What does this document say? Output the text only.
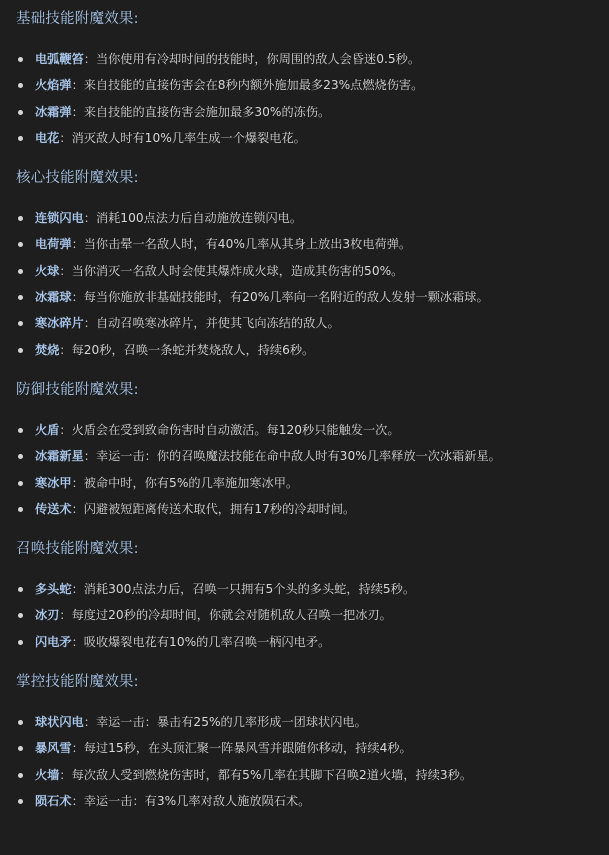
基础技能附魔效果:
电弧鞭笞：当你使用有冷却时间的技能时，你周围的敌人会昏迷0.5秒。
火焰弹：来自技能的直接伤害会在8秒内额外施加最多23%点燃烧伤害。
冰霜弹：来自技能的直接伤害会施加最多30%的冻伤。
电花：消灭敌人时有10%几率生成一个爆裂电花。
核心技能附魔效果:
连锁闪电：消耗100点法力后自动施放连锁闪电。
电荷弹：当你击晕一名敌人时，有40%几率从其身上放出3枚电荷弹。
火球：当你消灭一名敌人时会使其爆炸成火球，造成其伤害的50%。
冰霜球：每当你施放非基础技能时，有20%几率向一名附近的敌人发射一颗冰霜球。
寒冰碎片：自动召唤寒冰碎片，并使其飞向冻结的敌人。
焚烧：每20秒，召唤一条蛇并焚烧敌人，持续6秒。
防御技能附魔效果:
火盾：火盾会在受到致命伤害时自动激活。每120秒只能触发一次。
冰霜新星：幸运一击：你的召唤魔法技能在命中敌人时有30%几率释放一次冰霜新星。
寒冰甲：被命中时，你有5%的几率施加寒冰甲。
传送术：闪避被短距离传送术取代，拥有17秒的冷却时间。
召唤技能附魔效果:
多头蛇：消耗300点法力后，召唤一只拥有5个头的多头蛇，持续5秒。
冰刃：每度过20秒的冷却时间，你就会对随机敌人召唤一把冰刃。
闪电矛：吸收爆裂电花有10%的几率召唤一柄闪电矛。
掌控技能附魔效果:
球状闪电：幸运一击：暴击有25%的几率形成一团球状闪电。
暴风雪：每过15秒，在头顶汇聚一阵暴风雪并跟随你移动，持续4秒。
火墙：每次敌人受到燃烧伤害时，都有5%几率在其脚下召唤2道火墙，持续3秒。
陨石术：幸运一击：有3%几率对敌人施放陨石术。
